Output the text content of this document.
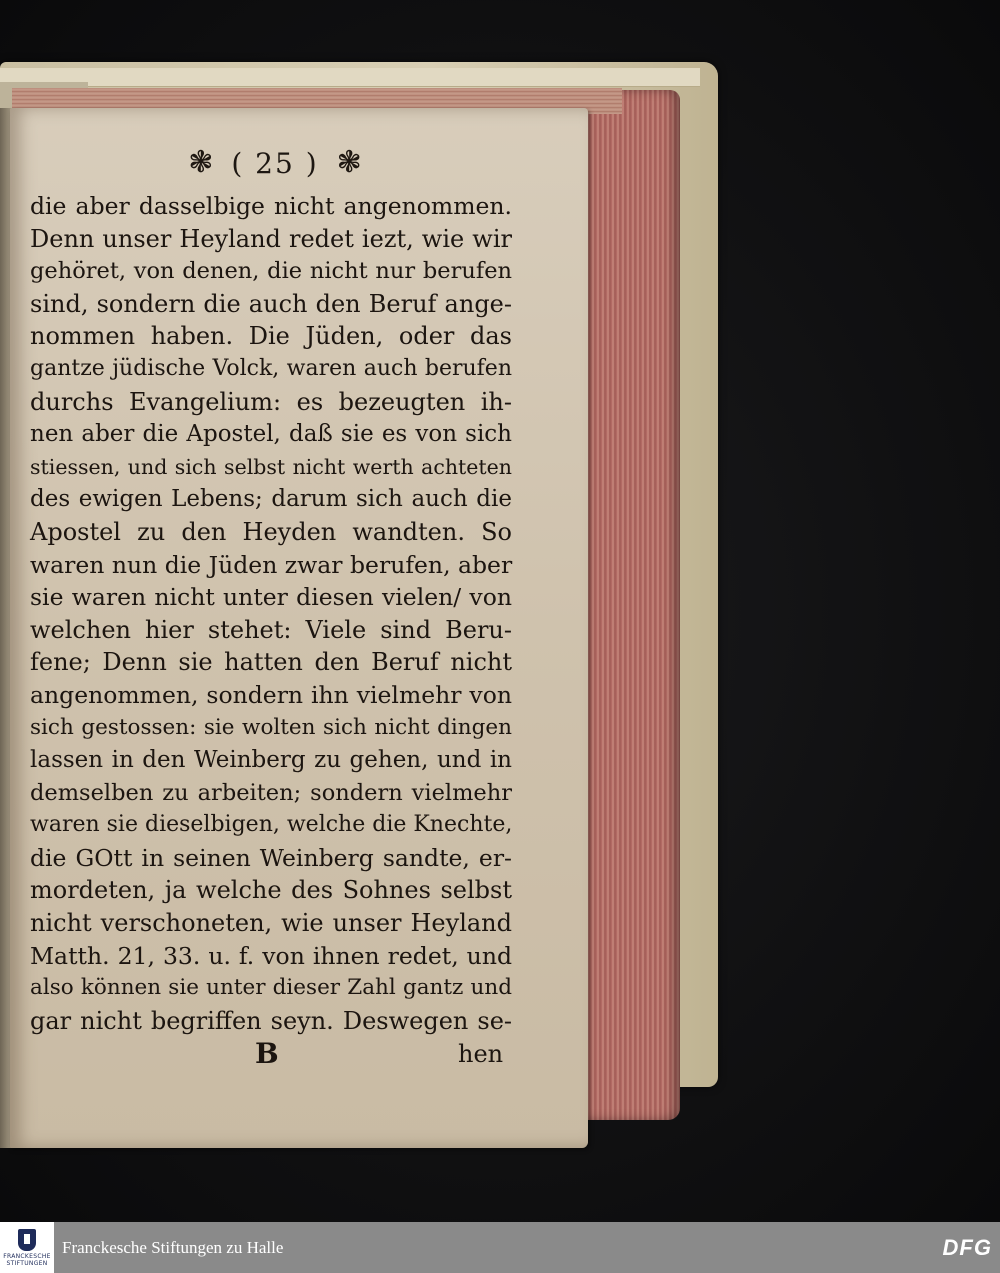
❃ ( 25 ) ❃
die aber dasselbige nicht angenommen.
Denn unser Heyland redet iezt, wie wir
gehöret, von denen, die nicht nur berufen
sind, sondern die auch den Beruf ange-
nommen haben. Die Jüden, oder das
gantze jüdische Volck, waren auch berufen
durchs Evangelium: es bezeugten ih-
nen aber die Apostel, daß sie es von sich
stiessen, und sich selbst nicht werth achteten
des ewigen Lebens; darum sich auch die
Apostel zu den Heyden wandten. So
waren nun die Jüden zwar berufen, aber
sie waren nicht unter diesen vielen/ von
welchen hier stehet: Viele sind Beru-
fene; Denn sie hatten den Beruf nicht
angenommen, sondern ihn vielmehr von
sich gestossen: sie wolten sich nicht dingen
lassen in den Weinberg zu gehen, und in
demselben zu arbeiten; sondern vielmehr
waren sie dieselbigen, welche die Knechte,
die GOtt in seinen Weinberg sandte, er-
mordeten, ja welche des Sohnes selbst
nicht verschoneten, wie unser Heyland
Matth. 21, 33. u. f. von ihnen redet, und
also können sie unter dieser Zahl gantz und
gar nicht begriffen seyn. Deswegen se-
B	hen
FRANCKESCHE STIFTUNGEN
Franckesche Stiftungen zu Halle	DFG
